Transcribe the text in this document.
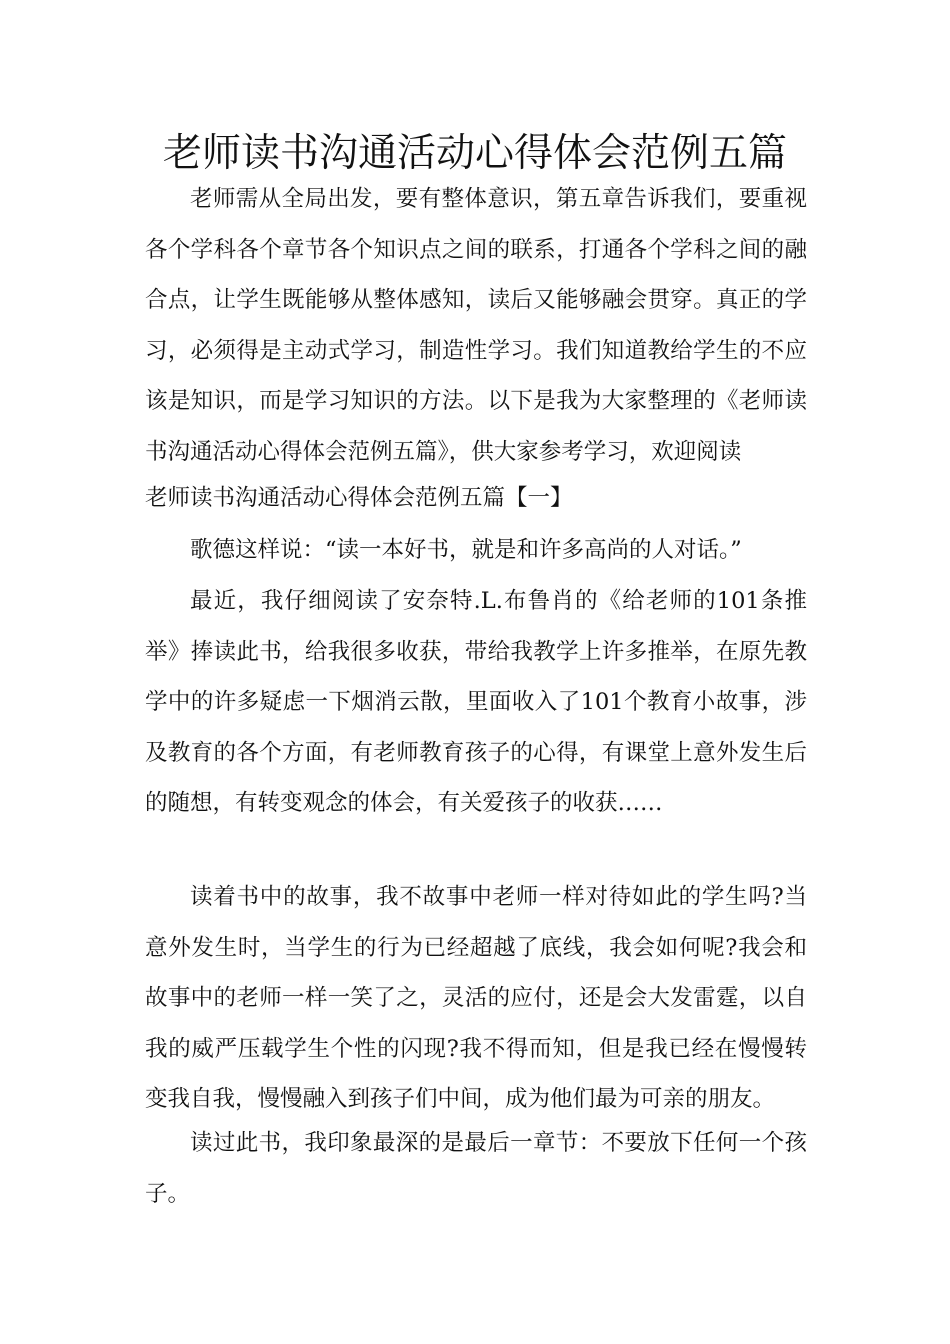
老师读书沟通活动心得体会范例五篇

老师需从全局出发，要有整体意识，第五章告诉我们，要重视各个学科各个章节各个知识点之间的联系，打通各个学科之间的融合点，让学生既能够从整体感知，读后又能够融会贯穿。真正的学习，必须得是主动式学习，制造性学习。我们知道教给学生的不应该是知识，而是学习知识的方法。以下是我为大家整理的《老师读书沟通活动心得体会范例五篇》，供大家参考学习，欢迎阅读

老师读书沟通活动心得体会范例五篇【一】

歌德这样说：“读一本好书，就是和许多高尚的人对话。”

最近，我仔细阅读了安奈特.L.布鲁肖的《给老师的101条推举》捧读此书，给我很多收获，带给我教学上许多推举，在原先教学中的许多疑虑一下烟消云散，里面收入了101个教育小故事，涉及教育的各个方面，有老师教育孩子的心得，有课堂上意外发生后的随想，有转变观念的体会，有关爱孩子的收获……

读着书中的故事，我不故事中老师一样对待如此的学生吗?当意外发生时，当学生的行为已经超越了底线，我会如何呢?我会和故事中的老师一样一笑了之，灵活的应付，还是会大发雷霆，以自我的威严压载学生个性的闪现?我不得而知，但是我已经在慢慢转变我自我，慢慢融入到孩子们中间，成为他们最为可亲的朋友。

读过此书，我印象最深的是最后一章节：不要放下任何一个孩子。
